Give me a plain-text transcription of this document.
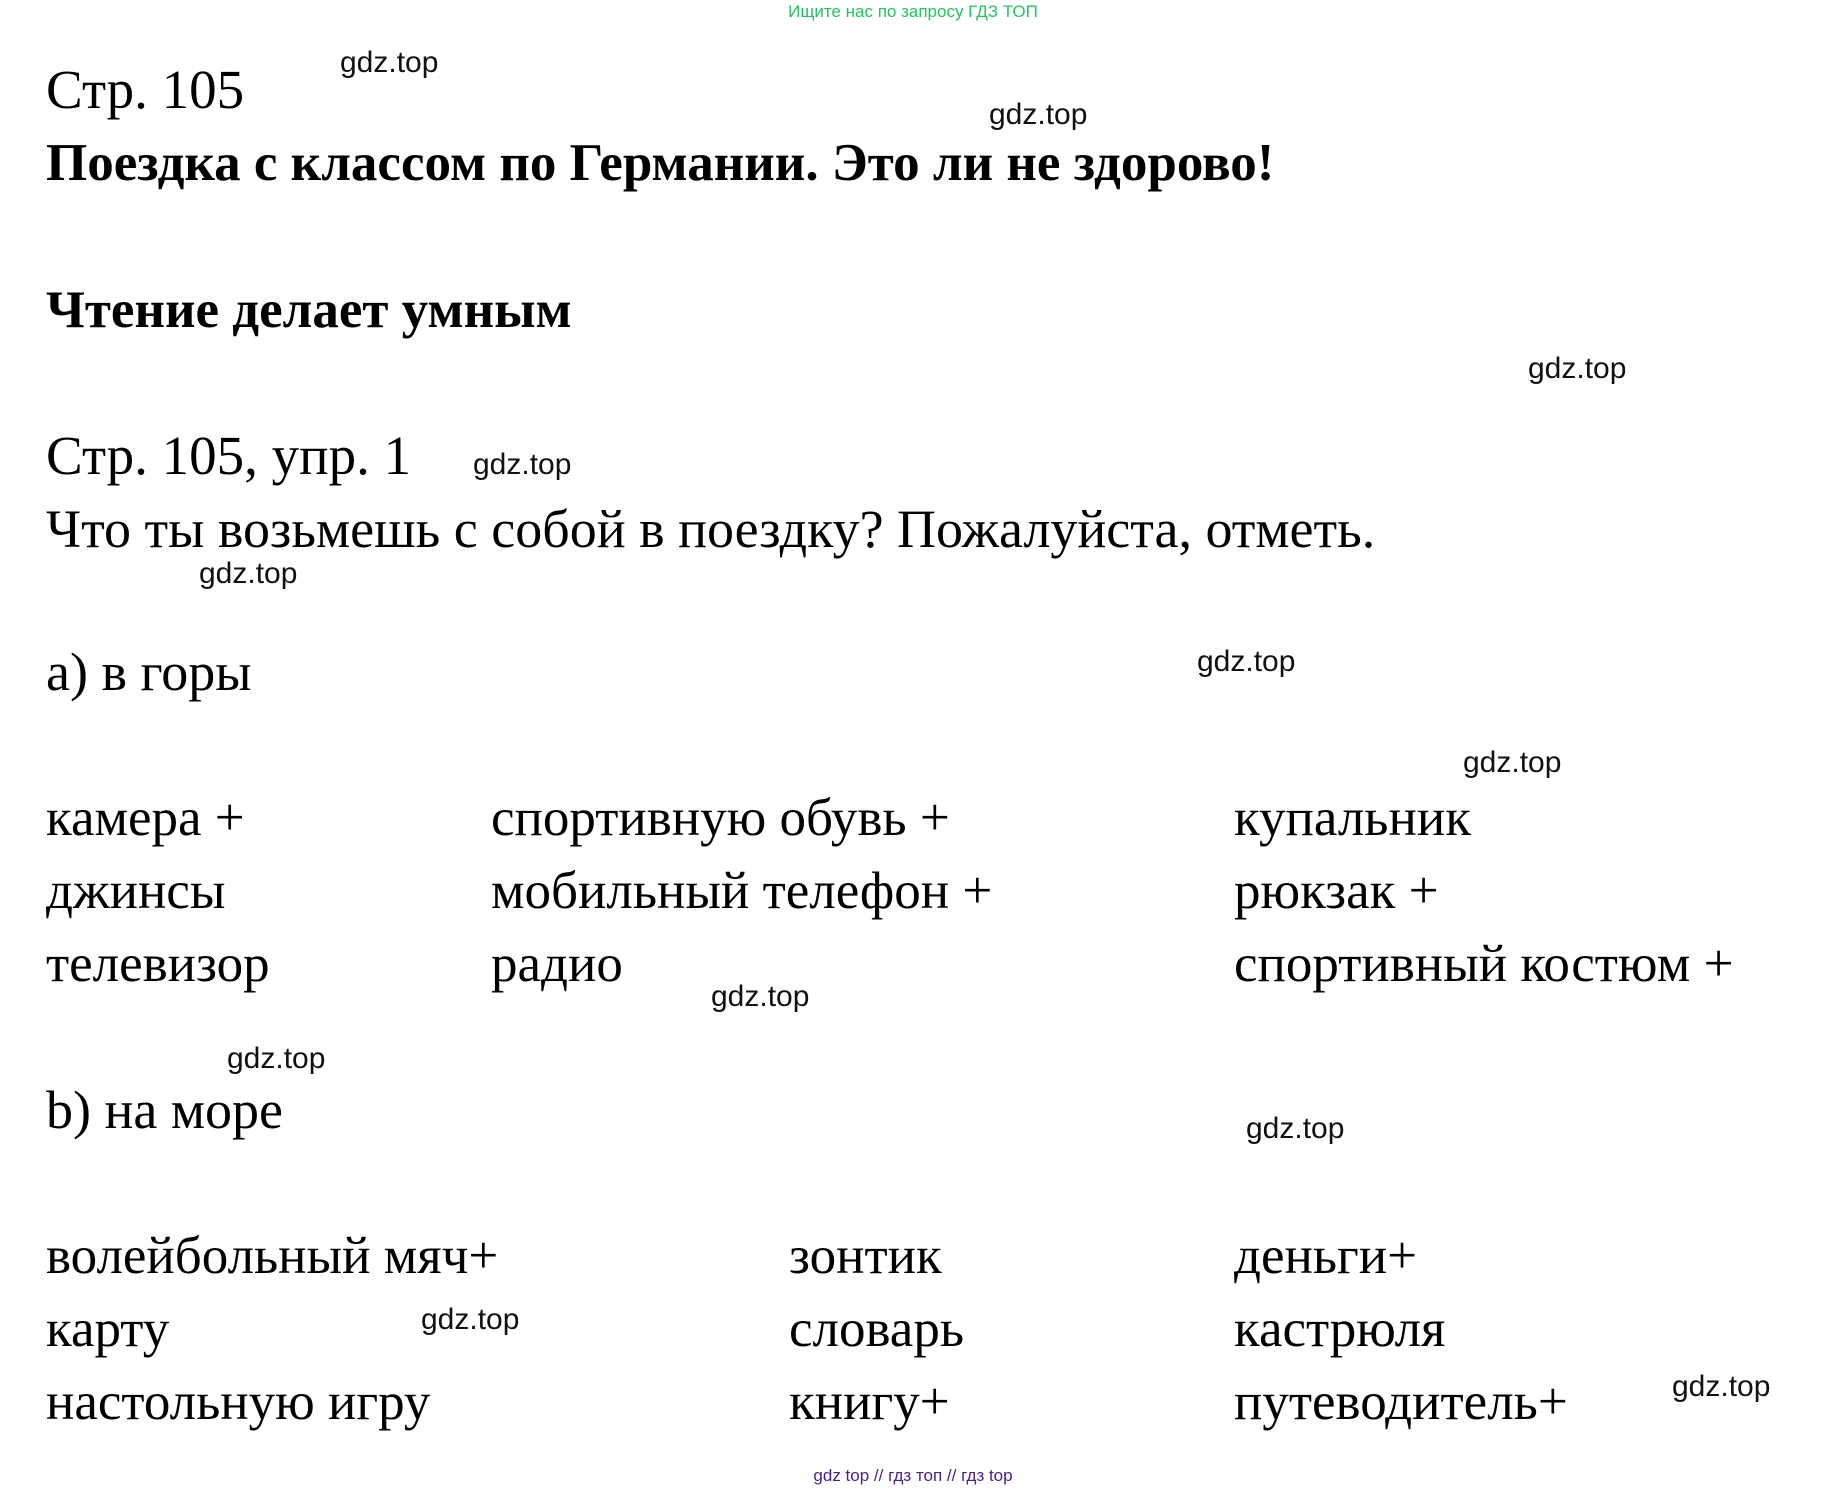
Ищите нас по запросу ГДЗ ТОП
Стр. 105
Поездка с классом по Германии. Это ли не здорово!
Чтение делает умным
Стр. 105, упр. 1
Что ты возьмешь с собой в поездку? Пожалуйста, отметь.
a) в горы
камера +
джинсы
телевизор
спортивную обувь +
мобильный телефон +
радио
купальник
рюкзак +
спортивный костюм +
b) на море
волейбольный мяч+
карту
настольную игру
зонтик
словарь
книгу+
деньги+
кастрюля
путеводитель+
gdz.top
gdz.top
gdz.top
gdz.top
gdz.top
gdz.top
gdz.top
gdz.top
gdz.top
gdz.top
gdz.top
gdz.top
gdz top // гдз топ // гдз top
